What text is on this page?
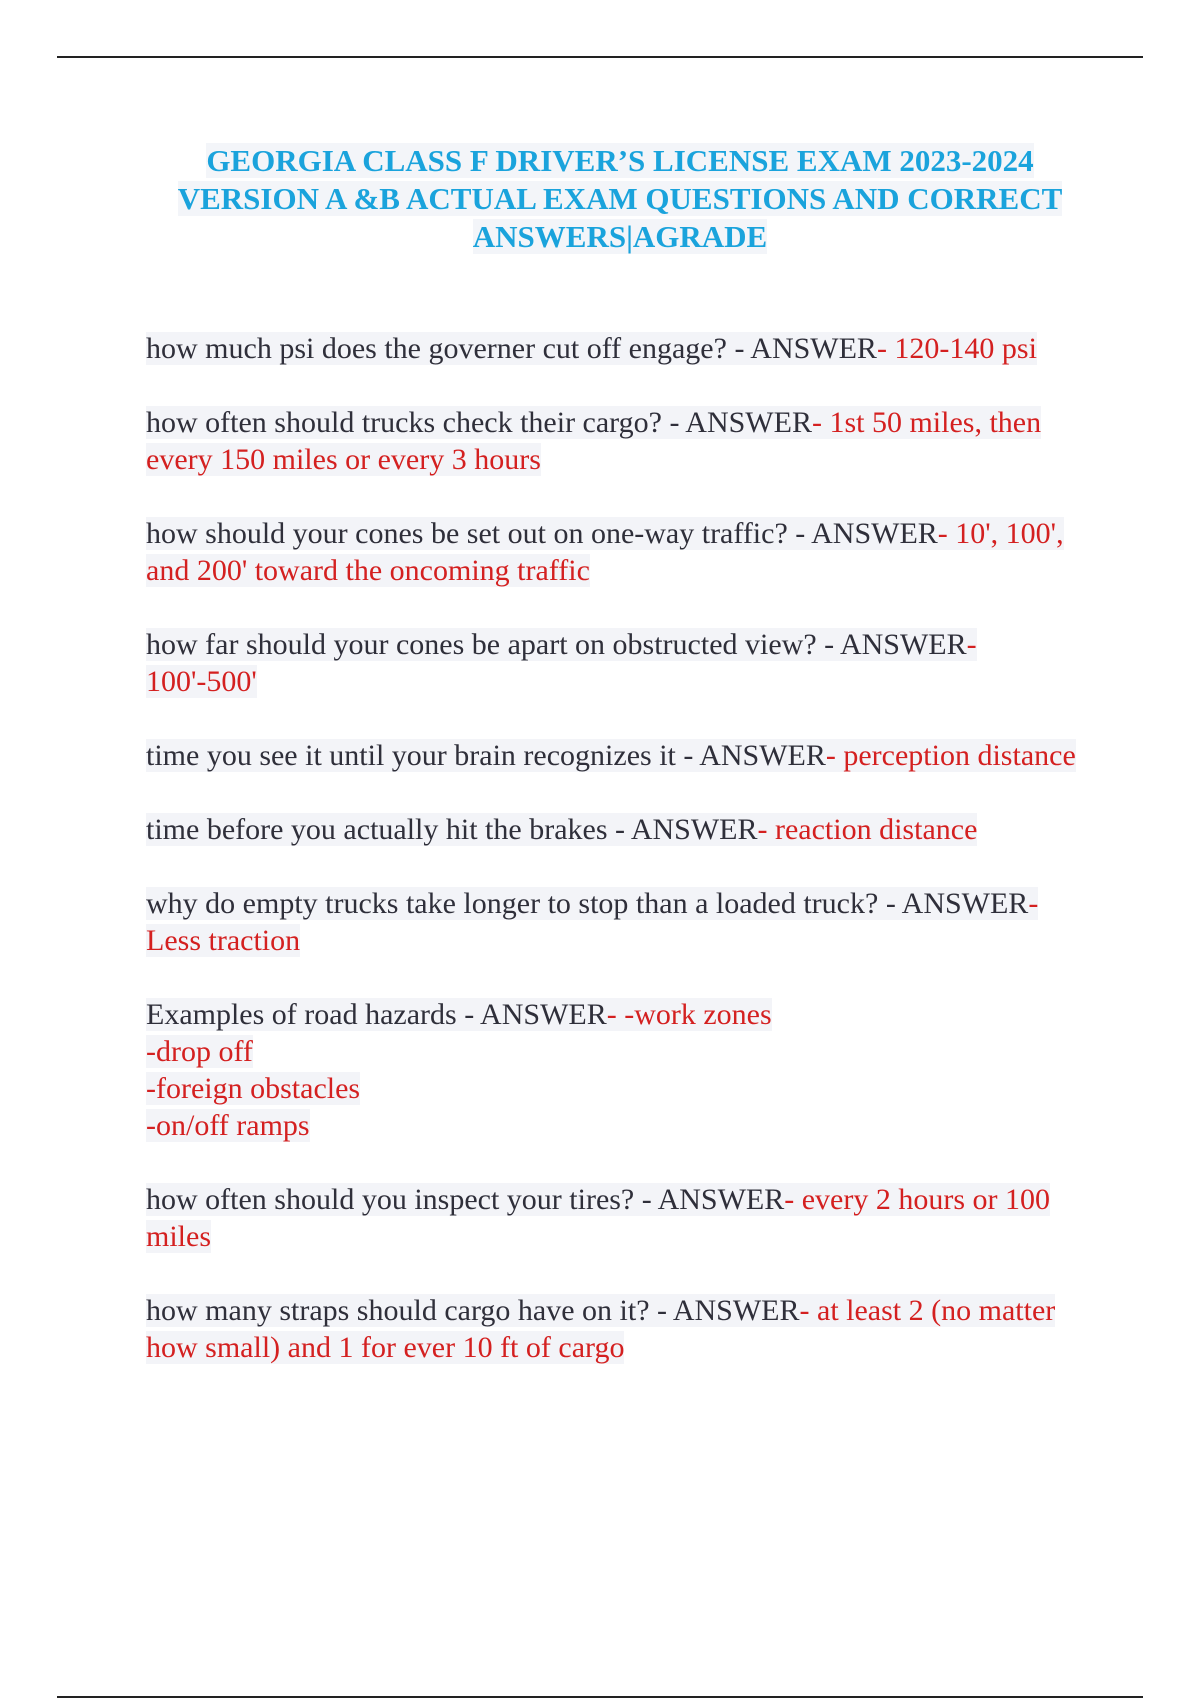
GEORGIA CLASS F DRIVER’S LICENSE EXAM 2023-2024
VERSION A &B ACTUAL EXAM QUESTIONS AND CORRECT
ANSWERS|AGRADE

how much psi does the governer cut off engage? - ANSWER- 120-140 psi

how often should trucks check their cargo? - ANSWER- 1st 50 miles, then every 150 miles or every 3 hours

how should your cones be set out on one-way traffic? - ANSWER- 10', 100', and 200' toward the oncoming traffic

how far should your cones be apart on obstructed view? - ANSWER- 100'-500'

time you see it until your brain recognizes it - ANSWER- perception distance

time before you actually hit the brakes - ANSWER- reaction distance

why do empty trucks take longer to stop than a loaded truck? - ANSWER- Less traction

Examples of road hazards - ANSWER- -work zones
-drop off
-foreign obstacles
-on/off ramps

how often should you inspect your tires? - ANSWER- every 2 hours or 100 miles

how many straps should cargo have on it? - ANSWER- at least 2 (no matter how small) and 1 for ever 10 ft of cargo
